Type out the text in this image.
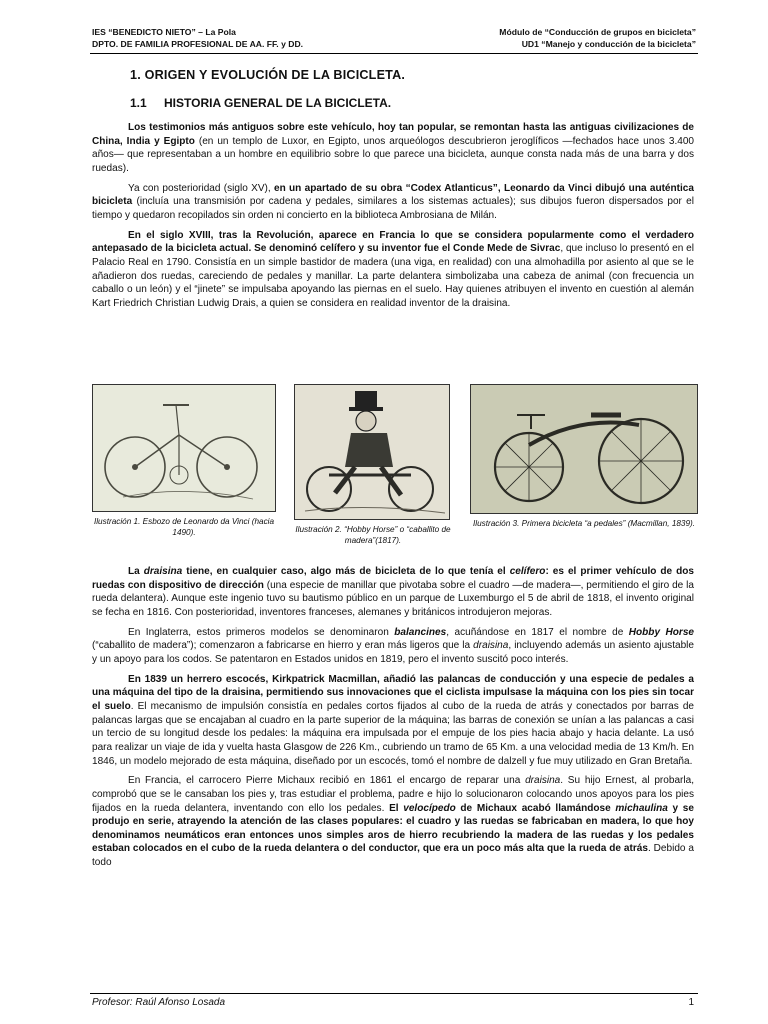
IES “BENEDICTO NIETO” – La Pola
DPTO. DE FAMILIA PROFESIONAL DE AA. FF. y DD.
Módulo de “Conducción de grupos en bicicleta”
UD1 “Manejo y conducción de la bicicleta”
1. ORIGEN Y EVOLUCIÓN DE LA BICICLETA.
1.1 HISTORIA GENERAL DE LA BICICLETA.

Los testimonios más antiguos sobre este vehículo, hoy tan popular, se remontan hasta las antiguas civilizaciones de China, India y Egipto (en un templo de Luxor, en Egipto, unos arqueólogos descubrieron jeroglíficos —fechados hace unos 3.400 años— que representaban a un hombre en equilibrio sobre lo que parece una bicicleta, aunque consta nada más de una barra y dos ruedas).

Ya con posterioridad (siglo XV), en un apartado de su obra “Codex Atlanticus”, Leonardo da Vinci dibujó una auténtica bicicleta (incluía una transmisión por cadena y pedales, similares a los sistemas actuales); sus dibujos fueron dispersados por el tiempo y quedaron recopilados sin orden ni concierto en la biblioteca Ambrosiana de Milán.

En el siglo XVIII, tras la Revolución, aparece en Francia lo que se considera popularmente como el verdadero antepasado de la bicicleta actual. Se denominó celífero y su inventor fue el Conde Mede de Sivrac, que incluso lo presentó en el Palacio Real en 1790. Consistía en un simple bastidor de madera (una viga, en realidad) con una almohadilla por asiento al que se le añadieron dos ruedas, careciendo de pedales y manillar. La parte delantera simbolizaba una cabeza de animal (con frecuencia un caballo o un león) y el “jinete” se impulsaba apoyando las piernas en el suelo. Hay quienes atribuyen el invento en cuestión al alemán Kart Friedrich Christian Ludwig Drais, a quien se considera en realidad inventor de la draisina.

Ilustración 1. Esbozo de Leonardo da Vinci (hacia 1490).	Ilustración 2. “Hobby Horse” o “caballito de madera”(1817).
Ilustración 3. Primera bicicleta “a pedales” (Macmillan, 1839).

La draisina tiene, en cualquier caso, algo más de bicicleta de lo que tenía el celífero: es el primer vehículo de dos ruedas con dispositivo de dirección (una especie de manillar que pivotaba sobre el cuadro —de madera—, permitiendo el giro de la rueda delantera). Aunque este ingenio tuvo su bautismo público en un parque de Luxemburgo el 5 de abril de 1818, el invento original se fecha en 1816. Con posterioridad, inventores franceses, alemanes y británicos introdujeron mejoras.

En Inglaterra, estos primeros modelos se denominaron balancines, acuñándose en 1817 el nombre de Hobby Horse (“caballito de madera”); comenzaron a fabricarse en hierro y eran más ligeros que la draisina, incluyendo además un asiento ajustable y un apoyo para los codos. Se patentaron en Estados unidos en 1819, pero el invento suscitó poco interés.

En 1839 un herrero escocés, Kirkpatrick Macmillan, añadió las palancas de conducción y una especie de pedales a una máquina del tipo de la draisina, permitiendo sus innovaciones que el ciclista impulsase la máquina con los pies sin tocar el suelo. El mecanismo de impulsión consistía en pedales cortos fijados al cubo de la rueda de atrás y conectados por barras de palancas largas que se encajaban al cuadro en la parte superior de la máquina; las barras de conexión se unían a las palancas a casi un tercio de su longitud desde los pedales: la máquina era impulsada por el empuje de los pies hacia abajo y hacia delante. La usó para realizar un viaje de ida y vuelta hasta Glasgow de 226 Km., cubriendo un tramo de 65 Km. a una velocidad media de 13 Km/h. En 1846, un modelo mejorado de esta máquina, diseñado por un escocés, tomó el nombre de dalzell y fue muy utilizado en Gran Bretaña.

En Francia, el carrocero Pierre Michaux recibió en 1861 el encargo de reparar una draisina. Su hijo Ernest, al probarla, comprobó que se le cansaban los pies y, tras estudiar el problema, padre e hijo lo solucionaron colocando unos apoyos para los pies fijados en la rueda delantera, inventando con ello los pedales. El velocípedo de Michaux acabó llamándose michaulina y se produjo en serie, atrayendo la atención de las clases populares: el cuadro y las ruedas se fabricaban en madera, lo que hoy denominamos neumáticos eran entonces unos simples aros de hierro recubriendo la madera de las ruedas y los pedales estaban colocados en el cubo de la rueda delantera o del conductor, que era un poco más alta que la rueda de atrás. Debido a todo

Profesor: Raúl Afonso Losada	1
